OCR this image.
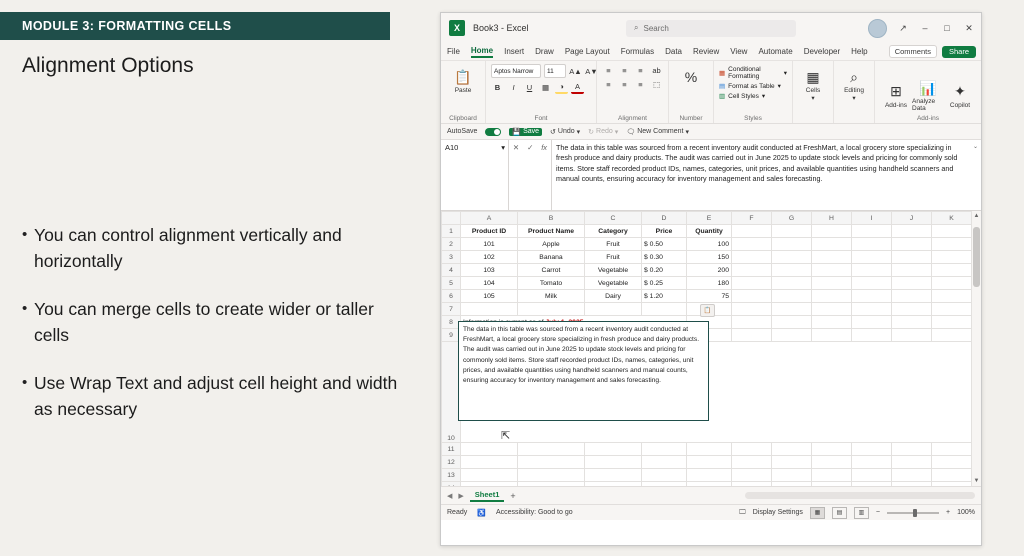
MODULE 3: FORMATTING CELLS
Alignment Options
• You can control alignment vertically and horizontally
• You can merge cells to create wider or taller cells
• Use Wrap Text and adjust cell height and width as necessary
X	Book3 - Excel	⌕ Search	↗	–	□	✕
File Home Insert Draw Page Layout Formulas Data Review View Automate Developer Help	Comments	Share
📋
Paste
Clipboard
Aptos Narrow	11	A▲ A▼
B	I	U	▦	◑	A
Font
≡	≡	≡	ab
≡	≡	≡	⬚
Alignment
%
Number
▦
Conditional Formatting	▾
▤ Format as Table ▾
▥ Cell Styles ▾
Styles
▦
Cells
▾
⌕
Editing
▾ ⊞
Add-ins
📊
Analyze Data
✦
Copilot
Add-ins
AutoSave	💾 Save ↺ Undo ▾ ↻ Redo ▾ 🗨 New Comment ▾
A10	▾ ✕ ✓ fx	The data in this table was sourced from a recent inventory audit conducted at FreshMart, a local grocery store specializing in fresh produce and dairy products. The audit was carried out in June 2025 to update stock levels and pricing for commonly sold items. Store staff recorded product IDs, names, categories, unit prices, and available quantities using handheld scanners and manual counts, ensuring accuracy for inventory management and sales forecasting.
⌄
	A	B	C	D	E	F	G	H	I	J	K		
1	Product ID	Product Name	Category	Price	Quantity								
2	101	Apple	Fruit	$ 0.50	100								
3	102	Banana	Fruit	$ 0.30	150								
4	103	Carrot	Vegetable	$ 0.20	200								
5	104	Tomato	Vegetable	$ 0.25	180								
6	105	Milk	Dairy	$ 1.20	75								
7													
8										
9													
10													
11													
12													
13													

The data in this table was sourced from a recent inventory audit conducted at FreshMart, a local grocery store specializing in fresh produce and dairy products. The audit was carried out in June 2025 to update stock levels and pricing for commonly sold items. Store staff recorded product IDs, names, categories, unit prices, and available quantities using handheld scanners and manual counts, ensuring accuracy for inventory management and sales forecasting.
📋
⇱
▲
▼
◀ ▶	Sheet1	+
Ready ♿ Accessibility: Good to go	🖵 Display Settings	▦	▤	▥	−	+ 100%
